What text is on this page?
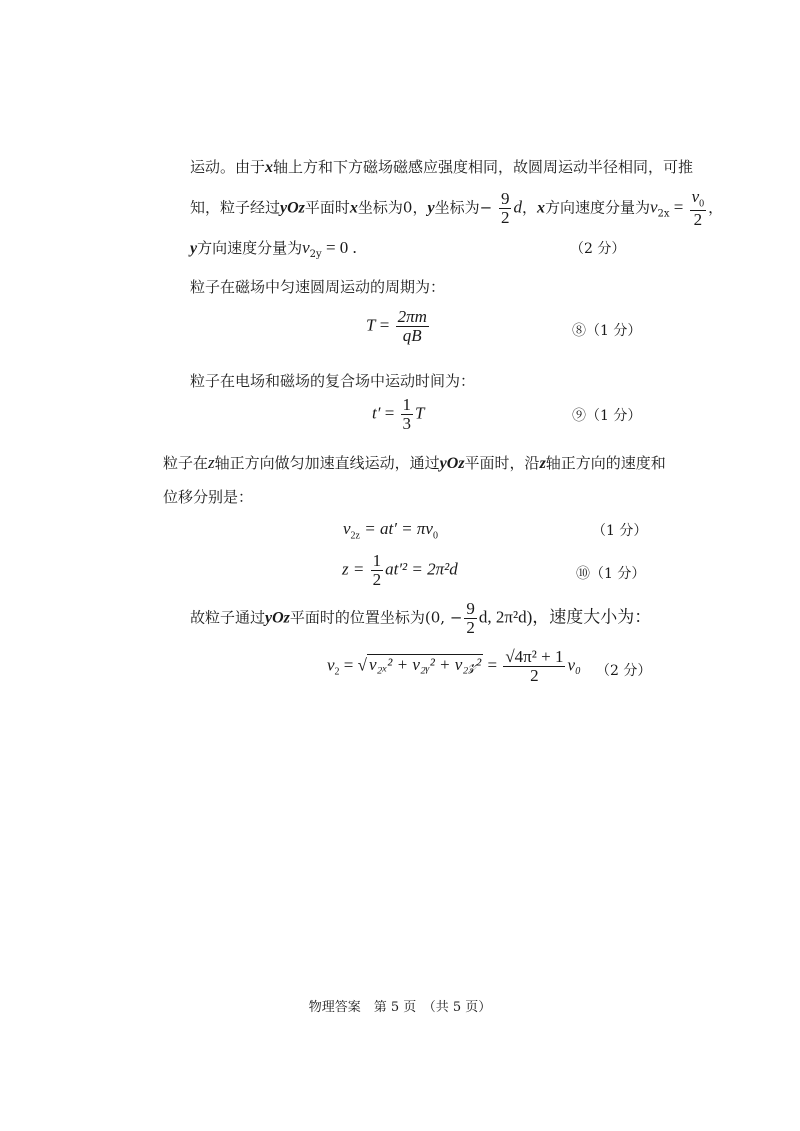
运动。由于x轴上方和下方磁场磁感应强度相同，故圆周运动半径相同，可推
知，粒子经过yOz平面时x坐标为0，y坐标为− $\frac{9}{2}$ d，x方向速度分量为$v_{2x} = \frac{v_0}{2}$ ，
y方向速度分量为$v_{2y} = 0$ .	（2 分）
粒子在磁场中匀速圆周运动的周期为：
$T = \frac{2\pi m}{qB}$	⑧（1 分）
粒子在电场和磁场的复合场中运动时间为：
$t' = \frac{1}{3}$ T	⑨（1 分）
粒子在z轴正方向做匀加速直线运动，通过yOz平面时，沿z轴正方向的速度和
位移分别是：
$v_{2z} = at' = \pi v_0$	（1 分）
$z = \frac{1}{2} at'^2 = 2\pi^2d$	⑩（1 分）
故粒子通过yOz平面时的位置坐标为(0, − $\frac{9}{2} d$, 2π²d)，速度大小为：
$v_2$ = √ v₂ₓ² + v₂ᵧ² + v₂𝓏² = $\frac{\text{√4π² + 1}}{2} v_0$ （2 分）
物理答案　第 5 页　（共 5 页）
